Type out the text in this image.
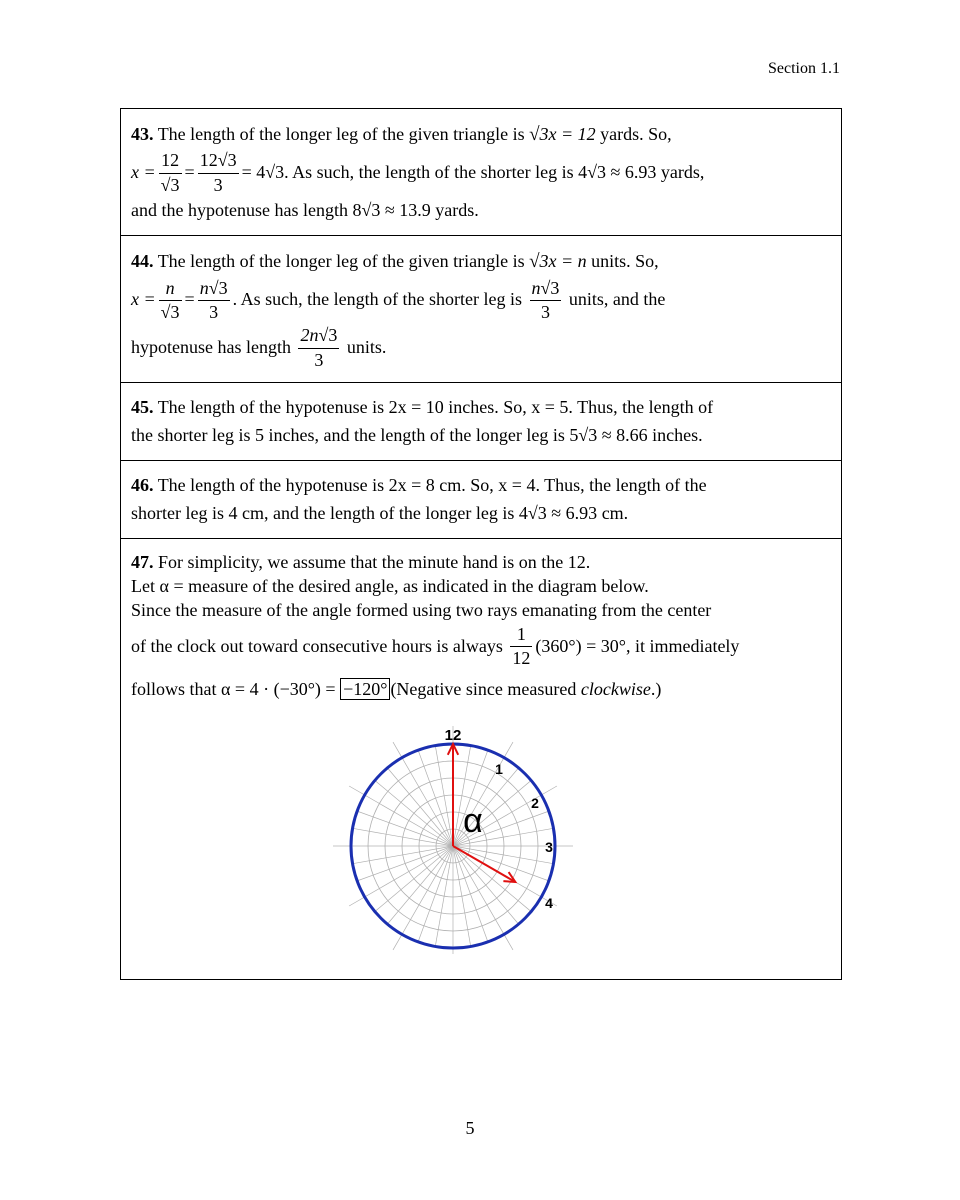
Section 1.1
43. The length of the longer leg of the given triangle is √3x = 12 yards. So,
$x = \frac{12}{√3} = \frac{12√3}{3} = 4$ √ 3 . As such, the length of the shorter leg is
4 √3
≈ 6.93
yards,
and the hypotenuse has length 8√3 ≈ 13.9 yards.
44. The length of the longer leg of the given triangle is √3x = n units. So,
$x = \frac{n}{√3} = \frac{n√3}{3}$ . As such, the length of the shorter leg is
$\frac{n√3}{3}$
units, and the
hypotenuse has length
$\frac{2n√3}{3}$
units.
45. The length of the hypotenuse is 2x = 10 inches. So, x = 5. Thus, the length of
the shorter leg is 5 inches, and the length of the longer leg is 5√3 ≈ 8.66 inches.
46. The length of the hypotenuse is 2x = 8 cm. So, x = 4. Thus, the length of the
shorter leg is 4 cm, and the length of the longer leg is 4√3 ≈ 6.93 cm.
47. For simplicity, we assume that the minute hand is on the 12.
Let α = measure of the desired angle, as indicated in the diagram below.
Since the measure of the angle formed using two rays emanating from the center
of the clock out toward consecutive hours is always
$\frac{1}{12} (360^\circ) = 30^\circ$ , it immediately
follows that α = 4 · (−30°) = −120° (Negative since measured clockwise.)
12
1
2
3
4
α
5
